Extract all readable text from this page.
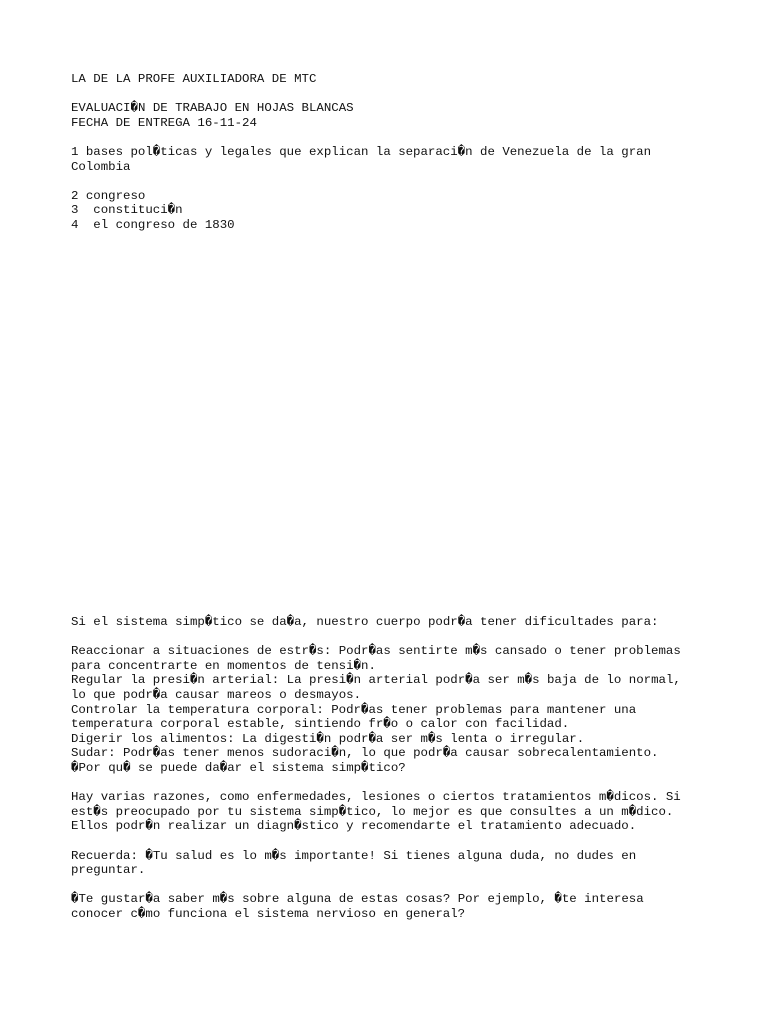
LA DE LA PROFE AUXILIADORA DE MTC
EVALUACI�N DE TRABAJO EN HOJAS BLANCAS
FECHA DE ENTREGA 16-11-24
1 bases pol�ticas y legales que explican la separaci�n de Venezuela de la gran
Colombia
2 congreso
3  constituci�n
4  el congreso de 1830
Si el sistema simp�tico se da�a, nuestro cuerpo podr�a tener dificultades para:
Reaccionar a situaciones de estr�s: Podr�as sentirte m�s cansado o tener problemas
para concentrarte en momentos de tensi�n.
Regular la presi�n arterial: La presi�n arterial podr�a ser m�s baja de lo normal,
lo que podr�a causar mareos o desmayos.
Controlar la temperatura corporal: Podr�as tener problemas para mantener una
temperatura corporal estable, sintiendo fr�o o calor con facilidad.
Digerir los alimentos: La digesti�n podr�a ser m�s lenta o irregular.
Sudar: Podr�as tener menos sudoraci�n, lo que podr�a causar sobrecalentamiento.
�Por qu� se puede da�ar el sistema simp�tico?
Hay varias razones, como enfermedades, lesiones o ciertos tratamientos m�dicos. Si
est�s preocupado por tu sistema simp�tico, lo mejor es que consultes a un m�dico.
Ellos podr�n realizar un diagn�stico y recomendarte el tratamiento adecuado.
Recuerda: �Tu salud es lo m�s importante! Si tienes alguna duda, no dudes en
preguntar.
�Te gustar�a saber m�s sobre alguna de estas cosas? Por ejemplo, �te interesa
conocer c�mo funciona el sistema nervioso en general?
